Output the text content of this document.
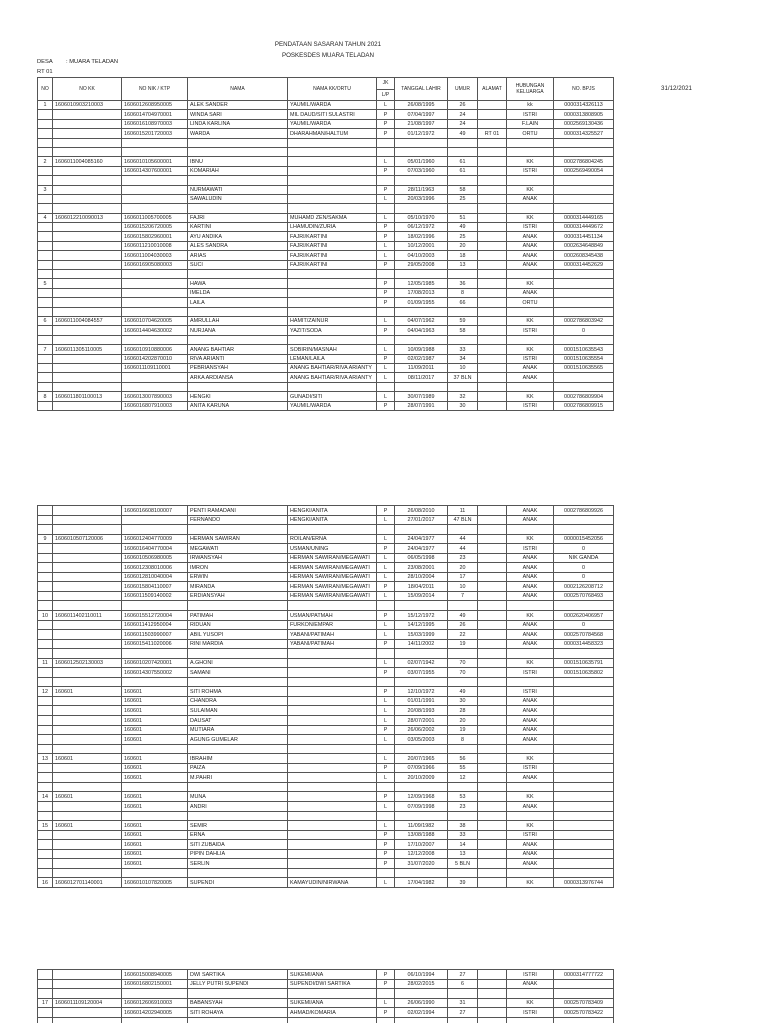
PENDATAAN SASARAN TAHUN 2021
POSKESDES MUARA TELADAN
DESA : MUARA TELADAN
RT 01
31/12/2021
NO	NO KK	NO NIK / KTP	NAMA	NAMA KK/ORTU
JK
L/P
TANGGAL LAHIR	UMUR	ALAMAT	HUBUNGAN KELUARGA	NO. BPJS
1	1606010903210003	1606012608950005	ALEK SANDER	YAUMIL/WARDA	L	26/08/1995	26	kk	0000314326113
1606014704970001	WINDA SARI	MIL DAUD/SITI SULASTRI	P	07/04/1997	24	ISTRI	0000313808905
1606016108970003	LINDA KARLINA	YAUMIL/WARDA	P	21/08/1997	24	F.LAIN	0002569130436
1606015201720003	WARDA	DHARAHMAN/HALTUM	P	01/12/1972	49	RT 01	ORTU	0000314325527
2	1606011004085160	1606010105600001	IBNU	L	05/01/1960	61	KK	0002786804245
1606014307600001	KOMARIAH	P	07/03/1960	61	ISTRI	0002569490054
3	NURMAWATI	P	28/11/1963	58	KK
SAWALUDIN	L	20/03/1996	25	ANAK
4	1606012210090013	1606011005700005	FAJRI	MUHAMD ZEN/SAKMA	L	05/10/1970	51	KK	0000314449165
1606015206720005	KARTINI	LHAMUDIN/ZURIA	P	06/12/1972	49	ISTRI	0000314449672
1606015802960001	AYU ANDIKA	FAJRI/KARTINI	P	18/02/1996	25	ANAK	0000314451134
1606011210010008	ALES SANDRA	FAJRI/KARTINI	L	10/12/2001	20	ANAK	0002634648849
1606011004030003	ARIAS	FAJRI/KARTINI	L	04/10/2003	18	ANAK	0002608345438
1606016905080003	SUCI	FAJRI/KARTINI	P	29/05/2008	13	ANAK	0000314452629
5	HAWA	P	12/05/1985	36	KK
IMELDA	P	17/08/2013	8	ANAK
LAILA	P	01/09/1955	66	ORTU
6	1606011004084557	1606010704620005	AMRULLAH	HAMIT/ZAINUR	L	04/07/1962	59	KK	0002786803942
1606014404630002	NURJANA	YAZIT/SODA	P	04/04/1963	58	ISTRI	0
7	1606011305110005	1606010910880006	ANANG BAHTIAR	SOBIRIN/MASNAH	L	10/09/1988	33	KK	0001510635543
1606014202870010	RIVA ARIANTI	LEMAN/LAILA	P	02/02/1987	34	ISTRI	0001510635554
1606011109110001	PEBRIANSYAH	ANANG BAHTIAR/RIVA ARIANTY	L	11/09/2011	10	ANAK	0001510635565
ARKA ARDIANSA	ANANG BAHTIAR/RIVA ARIANTY	L	08/11/2017	37 BLN	ANAK
8	1606011801100013	1606013007890003	HENGKI	GUNADI/SITI	L	30/07/1989	32	KK	0002786809904
1606016807910003	ANITA KARUNA	YAUMIL/WARDA	P	28/07/1991	30	ISTRI	0002786809915
1606016608100007	PENTI RAMADANI	HENGKI/ANITA	P	26/08/2010	11	ANAK	0002786809926
FERNANDO	HENGKI/ANITA	L	27/01/2017	47 BLN	ANAK
9	1606010507120006	1606012404770009	HERMAN SAWIRAN	ROILAN/ERNA	L	24/04/1977	44	KK	0000015452056
1606016404770004	MEGAWATI	USMAN/UNING	P	24/04/1977	44	ISTRI	0
1606010506980005	IRWANSYAH	HERMAN SAWIRAN/MEGAWATI	L	06/05/1998	23	ANAK	NIK GANDA
1606012308010006	IMRON	HERMAN SAWIRAN/MEGAWATI	L	23/08/2001	20	ANAK	0
1606012810040004	ERWIN	HERMAN SAWIRAN/MEGAWATI	L	28/10/2004	17	ANAK	0
1606015804110007	MIRANDA	HERMAN SAWIRAN/MEGAWATI	P	18/04/2011	10	ANAK	0002126208712
1606011509140002	ERDIANSYAH	HERMAN SAWIRAN/MEGAWATI	L	15/09/2014	7	ANAK	0002570768493
10	1606011402110011	1606015512720004	PATIMAH	USMAN/PATMAH	P	15/12/1972	49	KK	0002620406957
1606011412950004	RIDUAN	FURKON/EMPAR	L	14/12/1995	26	ANAK	0
1606011503990007	ABIL YUSOPI	YABANI/PATIMAH	L	15/03/1999	22	ANAK	0002570784568
1606015411020006	RINI MARDIA	YABANI/PATIMAH	P	14/11/2002	19	ANAK	0000314458323
11	1606012502130003	1606010207420001	A.GHONI	L	02/07/1942	70	KK	0001510635791
1606014307550002	SAMANI	P	03/07/1955	70	ISTRI	0001510635802
12	160601	160601	SITI ROHMA	P	12/10/1972	49	ISTRI
160601	CHANDRA	L	01/01/1991	30	ANAK
160601	SULAIMAN	L	20/08/1993	28	ANAK
160601	DAUSAT	L	28/07/2001	20	ANAK
160601	MUTIARA	P	26/06/2002	19	ANAK
160601	AGUNG GUMELAR	L	03/05/2003	8	ANAK
13	160601	160601	IBRAHIM	L	20/07/1965	56	KK
160601	PAIZA	P	07/09/1966	55	ISTRI
160601	M.PAHRI	L	20/10/2009	12	ANAK
14	160601	160601	MUNA	P	12/09/1968	53	KK
160601	ANDRI	L	07/09/1998	23	ANAK
15	160601	160601	SEMIR	L	11/09/1982	38	KK
160601	ERNA	P	13/08/1988	33	ISTRI
160601	SITI ZUBAIDA	P	17/10/2007	14	ANAK
160601	PIPIN DAHLIA	P	12/12/2008	13	ANAK
160601	SERLIN	P	31/07/2020	5 BLN	ANAK
16	1606012701140001	1606010107820005	SUPENDI	KAMAYUDIN/NIRWANA	L	17/04/1982	39	KK	0000313976744
1606015008940005	DWI SARTIKA	SUKEMI/ANA	P	06/10/1994	27	ISTRI	0000314777722
1606016802150001	JELLY PUTRI SUPENDI	SUPENDI/DWI SARTIKA	P	28/02/2015	6	ANAK
17	1606011109120004	1606012606910003	BABANSYAH	SUKEMI/ANA	L	26/06/1990	31	KK	0002570783409
1606014202940005	SITI ROHAYA	AHMAD/KOMARIA	P	02/02/1994	27	ISTRI	0002570783422
